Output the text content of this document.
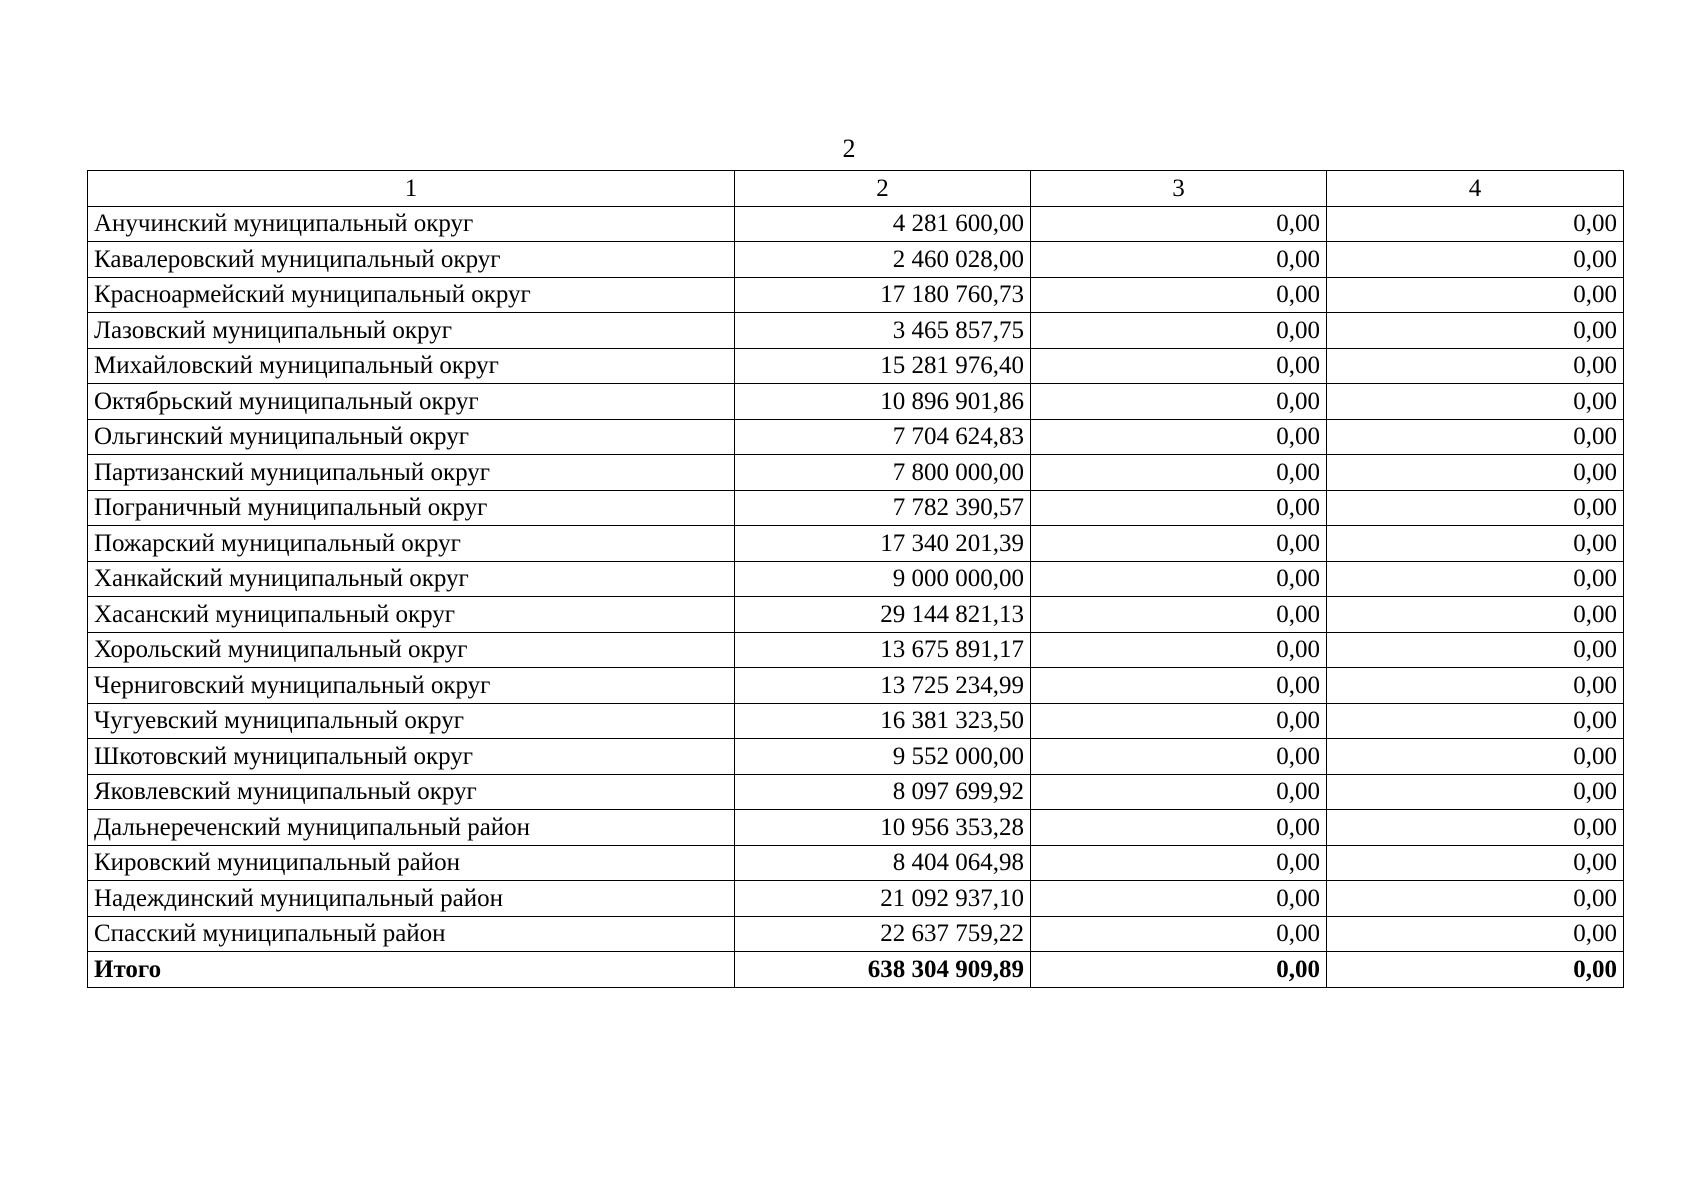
2
1	2	3	4
Анучинский муниципальный округ	4 281 600,00	0,00	0,00
Кавалеровский муниципальный округ	2 460 028,00	0,00	0,00
Красноармейский муниципальный округ	17 180 760,73	0,00	0,00
Лазовский муниципальный округ	3 465 857,75	0,00	0,00
Михайловский муниципальный округ	15 281 976,40	0,00	0,00
Октябрьский муниципальный округ	10 896 901,86	0,00	0,00
Ольгинский муниципальный округ	7 704 624,83	0,00	0,00
Партизанский муниципальный округ	7 800 000,00	0,00	0,00
Пограничный муниципальный округ	7 782 390,57	0,00	0,00
Пожарский муниципальный округ	17 340 201,39	0,00	0,00
Ханкайский муниципальный округ	9 000 000,00	0,00	0,00
Хасанский муниципальный округ	29 144 821,13	0,00	0,00
Хорольский муниципальный округ	13 675 891,17	0,00	0,00
Черниговский муниципальный округ	13 725 234,99	0,00	0,00
Чугуевский муниципальный округ	16 381 323,50	0,00	0,00
Шкотовский муниципальный округ	9 552 000,00	0,00	0,00
Яковлевский муниципальный округ	8 097 699,92	0,00	0,00
Дальнереченский муниципальный район	10 956 353,28	0,00	0,00
Кировский муниципальный район	8 404 064,98	0,00	0,00
Надеждинский муниципальный район	21 092 937,10	0,00	0,00
Спасский муниципальный район	22 637 759,22	0,00	0,00
Итого	638 304 909,89	0,00	0,00
